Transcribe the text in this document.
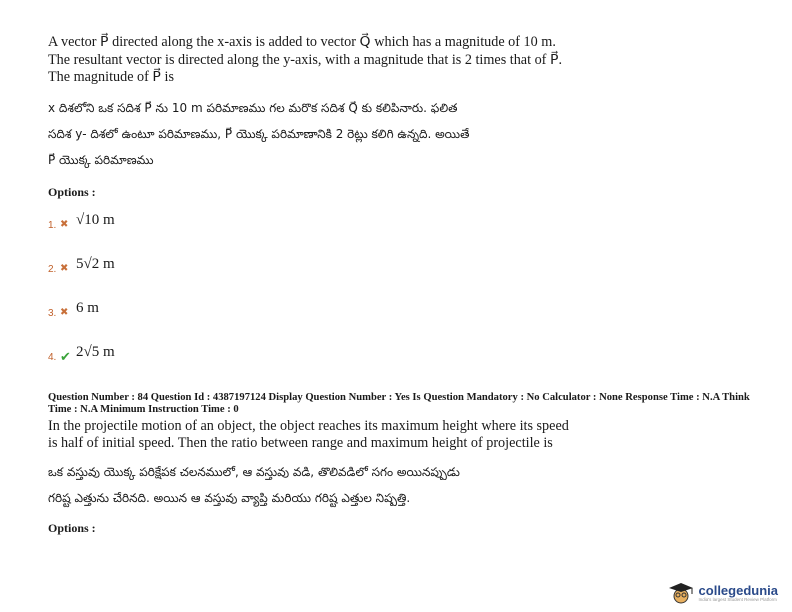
A vector P⃗ directed along the x-axis is added to vector Q⃗ which has a magnitude of 10 m. The resultant vector is directed along the y-axis, with a magnitude that is 2 times that of P⃗. The magnitude of P⃗ is

x దిశలోని ఒక సదిశ P⃗ ను 10 m పరిమాణము గల మరొక సదిశ Q⃗ కు కలిపినారు. ఫలిత
సదిశ y- దిశలో ఉంటూ పరిమాణము, P⃗ యొక్క పరిమాణానికి 2 రెట్లు కలిగి ఉన్నది. అయితే
P⃗ యొక్క పరిమాణము
Options :
1. ✖ √10 m
2. ✖ 5√2 m
3. ✖ 6 m
4. ✔ 2√5 m
Question Number : 84 Question Id : 4387197124 Display Question Number : Yes Is Question Mandatory : No Calculator : None Response Time : N.A Think Time : N.A Minimum Instruction Time : 0

In the projectile motion of an object, the object reaches its maximum height where its speed is half of initial speed. Then the ratio between range and maximum height of projectile is

ఒక వస్తువు యొక్క పరిక్షేపక చలనములో, ఆ వస్తువు వడి, తొలివడిలో సగం అయినప్పుడు
గరిష్ట ఎత్తును చేరినది. అయిన ఆ వస్తువు వ్యాప్తి మరియు గరిష్ట ఎత్తుల నిష్పత్తి.
Options :
collegedunia
India's largest Student Review Platform
